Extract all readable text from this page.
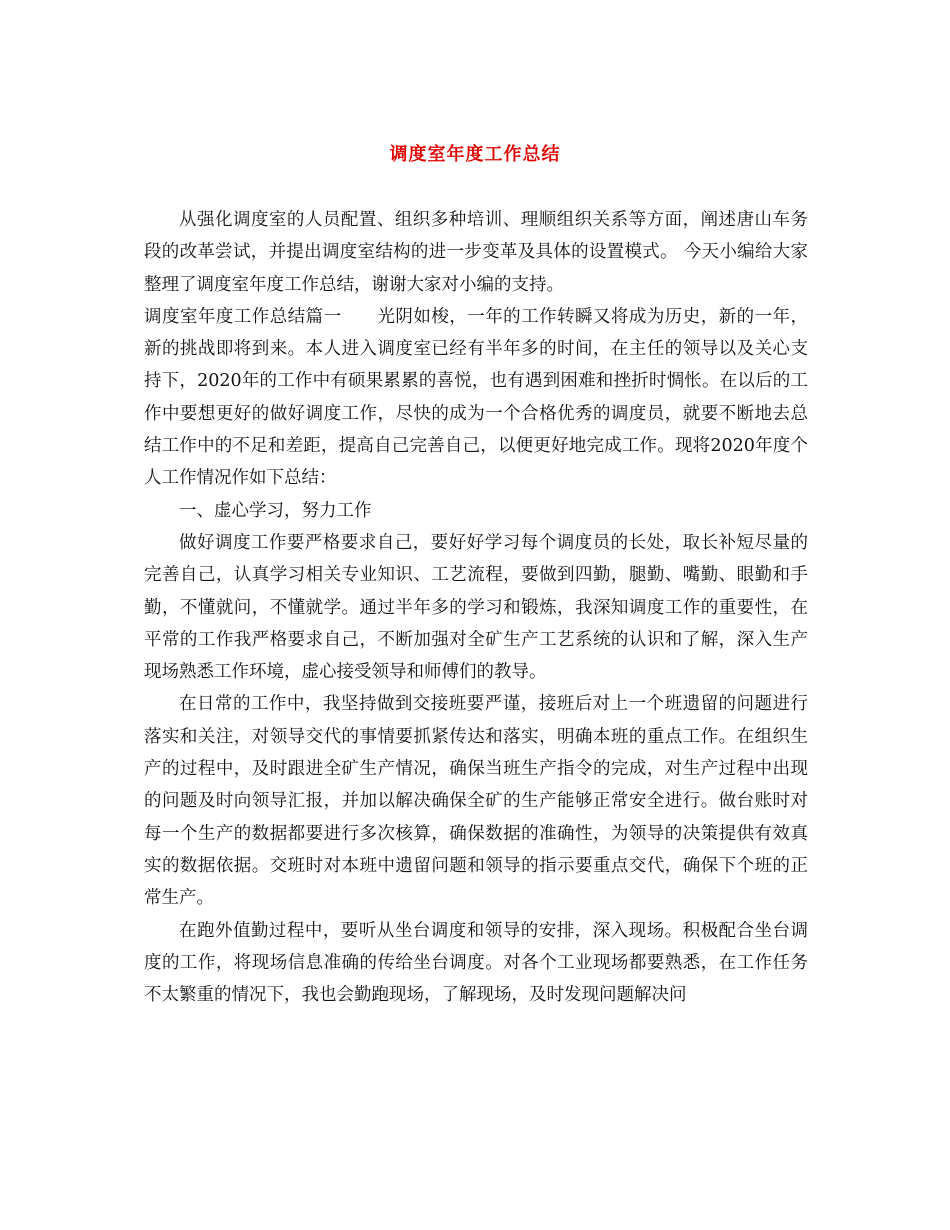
调度室年度工作总结

从强化调度室的人员配置、组织多种培训、理顺组织关系等方面，阐述唐山车务段的改革尝试，并提出调度室结构的进一步变革及具体的设置模式。 今天小编给大家整理了调度室年度工作总结，谢谢大家对小编的支持。

调度室年度工作总结篇一　　光阴如梭，一年的工作转瞬又将成为历史，新的一年，新的挑战即将到来。本人进入调度室已经有半年多的时间，在主任的领导以及关心支持下，2020年的工作中有硕果累累的喜悦，也有遇到困难和挫折时惆怅。在以后的工作中要想更好的做好调度工作，尽快的成为一个合格优秀的调度员，就要不断地去总结工作中的不足和差距，提高自己完善自己，以便更好地完成工作。现将2020年度个人工作情况作如下总结：

一、虚心学习，努力工作

做好调度工作要严格要求自己，要好好学习每个调度员的长处，取长补短尽量的完善自己，认真学习相关专业知识、工艺流程，要做到四勤，腿勤、嘴勤、眼勤和手勤，不懂就问，不懂就学。通过半年多的学习和锻炼，我深知调度工作的重要性，在平常的工作我严格要求自己，不断加强对全矿生产工艺系统的认识和了解，深入生产现场熟悉工作环境，虚心接受领导和师傅们的教导。

在日常的工作中，我坚持做到交接班要严谨，接班后对上一个班遗留的问题进行落实和关注，对领导交代的事情要抓紧传达和落实，明确本班的重点工作。在组织生产的过程中，及时跟进全矿生产情况，确保当班生产指令的完成，对生产过程中出现的问题及时向领导汇报，并加以解决确保全矿的生产能够正常安全进行。做台账时对每一个生产的数据都要进行多次核算，确保数据的准确性，为领导的决策提供有效真实的数据依据。交班时对本班中遗留问题和领导的指示要重点交代，确保下个班的正常生产。

在跑外值勤过程中，要听从坐台调度和领导的安排，深入现场。积极配合坐台调度的工作，将现场信息准确的传给坐台调度。对各个工业现场都要熟悉，在工作任务不太繁重的情况下，我也会勤跑现场，了解现场，及时发现问题解决问
